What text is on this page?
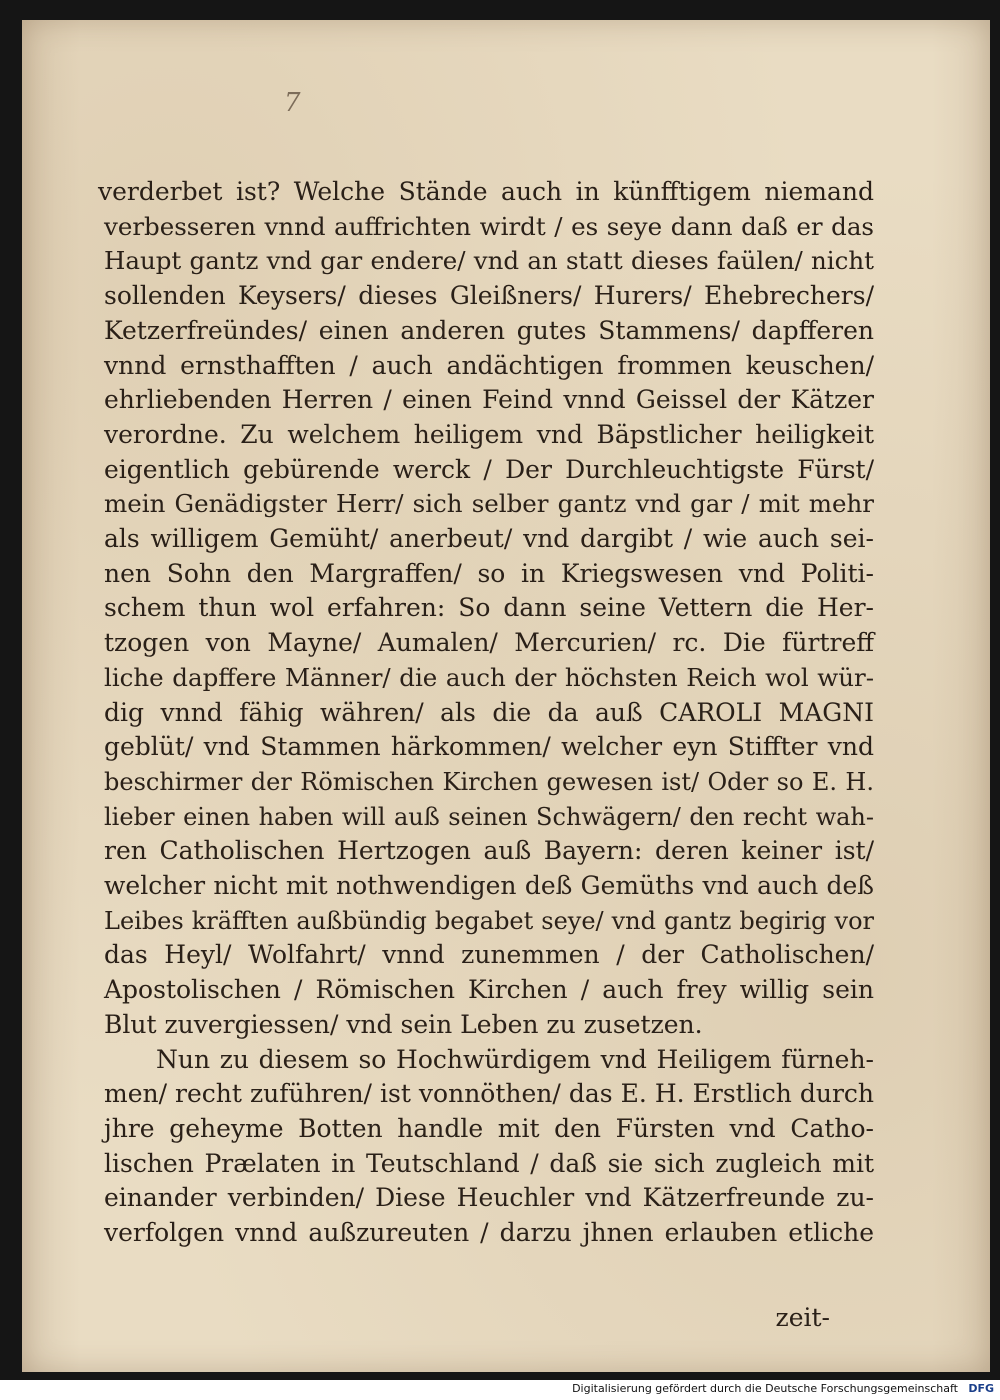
7
verderbet ist? Welche Stände auch in künfftigem niemand
verbesseren vnnd auffrichten wirdt / es seye dann daß er das
Haupt gantz vnd gar endere/ vnd an statt dieses faülen/ nicht
sollenden Keysers/ dieses Gleißners/ Hurers/ Ehebrechers/
Ketzerfreündes/ einen anderen gutes Stammens/ dapfferen
vnnd ernsthafften / auch andächtigen frommen keuschen/
ehrliebenden Herren / einen Feind vnnd Geissel der Kätzer
verordne. Zu welchem heiligem vnd Bäpstlicher heiligkeit
eigentlich gebürende werck / Der Durchleuchtigste Fürst/
mein Genädigster Herr/ sich selber gantz vnd gar / mit mehr
als willigem Gemüht/ anerbeut/ vnd dargibt / wie auch sei-
nen Sohn den Margraffen/ so in Kriegswesen vnd Politi-
schem thun wol erfahren: So dann seine Vettern die Her-
tzogen von Mayne/ Aumalen/ Mercurien/ rc. Die fürtreff
liche dapffere Männer/ die auch der höchsten Reich wol wür-
dig vnnd fähig währen/ als die da auß CAROLI MAGNI
geblüt/ vnd Stammen härkommen/ welcher eyn Stiffter vnd
beschirmer der Römischen Kirchen gewesen ist/ Oder so E. H.
lieber einen haben will auß seinen Schwägern/ den recht wah-
ren Catholischen Hertzogen auß Bayern: deren keiner ist/
welcher nicht mit nothwendigen deß Gemüths vnd auch deß
Leibes kräfften außbündig begabet seye/ vnd gantz begirig vor
das Heyl/ Wolfahrt/ vnnd zunemmen / der Catholischen/
Apostolischen / Römischen Kirchen / auch frey willig sein
Blut zuvergiessen/ vnd sein Leben zu zusetzen.
Nun zu diesem so Hochwürdigem vnd Heiligem fürneh-
men/ recht zuführen/ ist vonnöthen/ das E. H. Erstlich durch
jhre geheyme Botten handle mit den Fürsten vnd Catho-
lischen Prælaten in Teutschland / daß sie sich zugleich mit
einander verbinden/ Diese Heuchler vnd Kätzerfreunde zu-
verfolgen vnnd außzureuten / darzu jhnen erlauben etliche
zeit-
Digitalisierung gefördert durch die Deutsche Forschungsgemeinschaft DFG
